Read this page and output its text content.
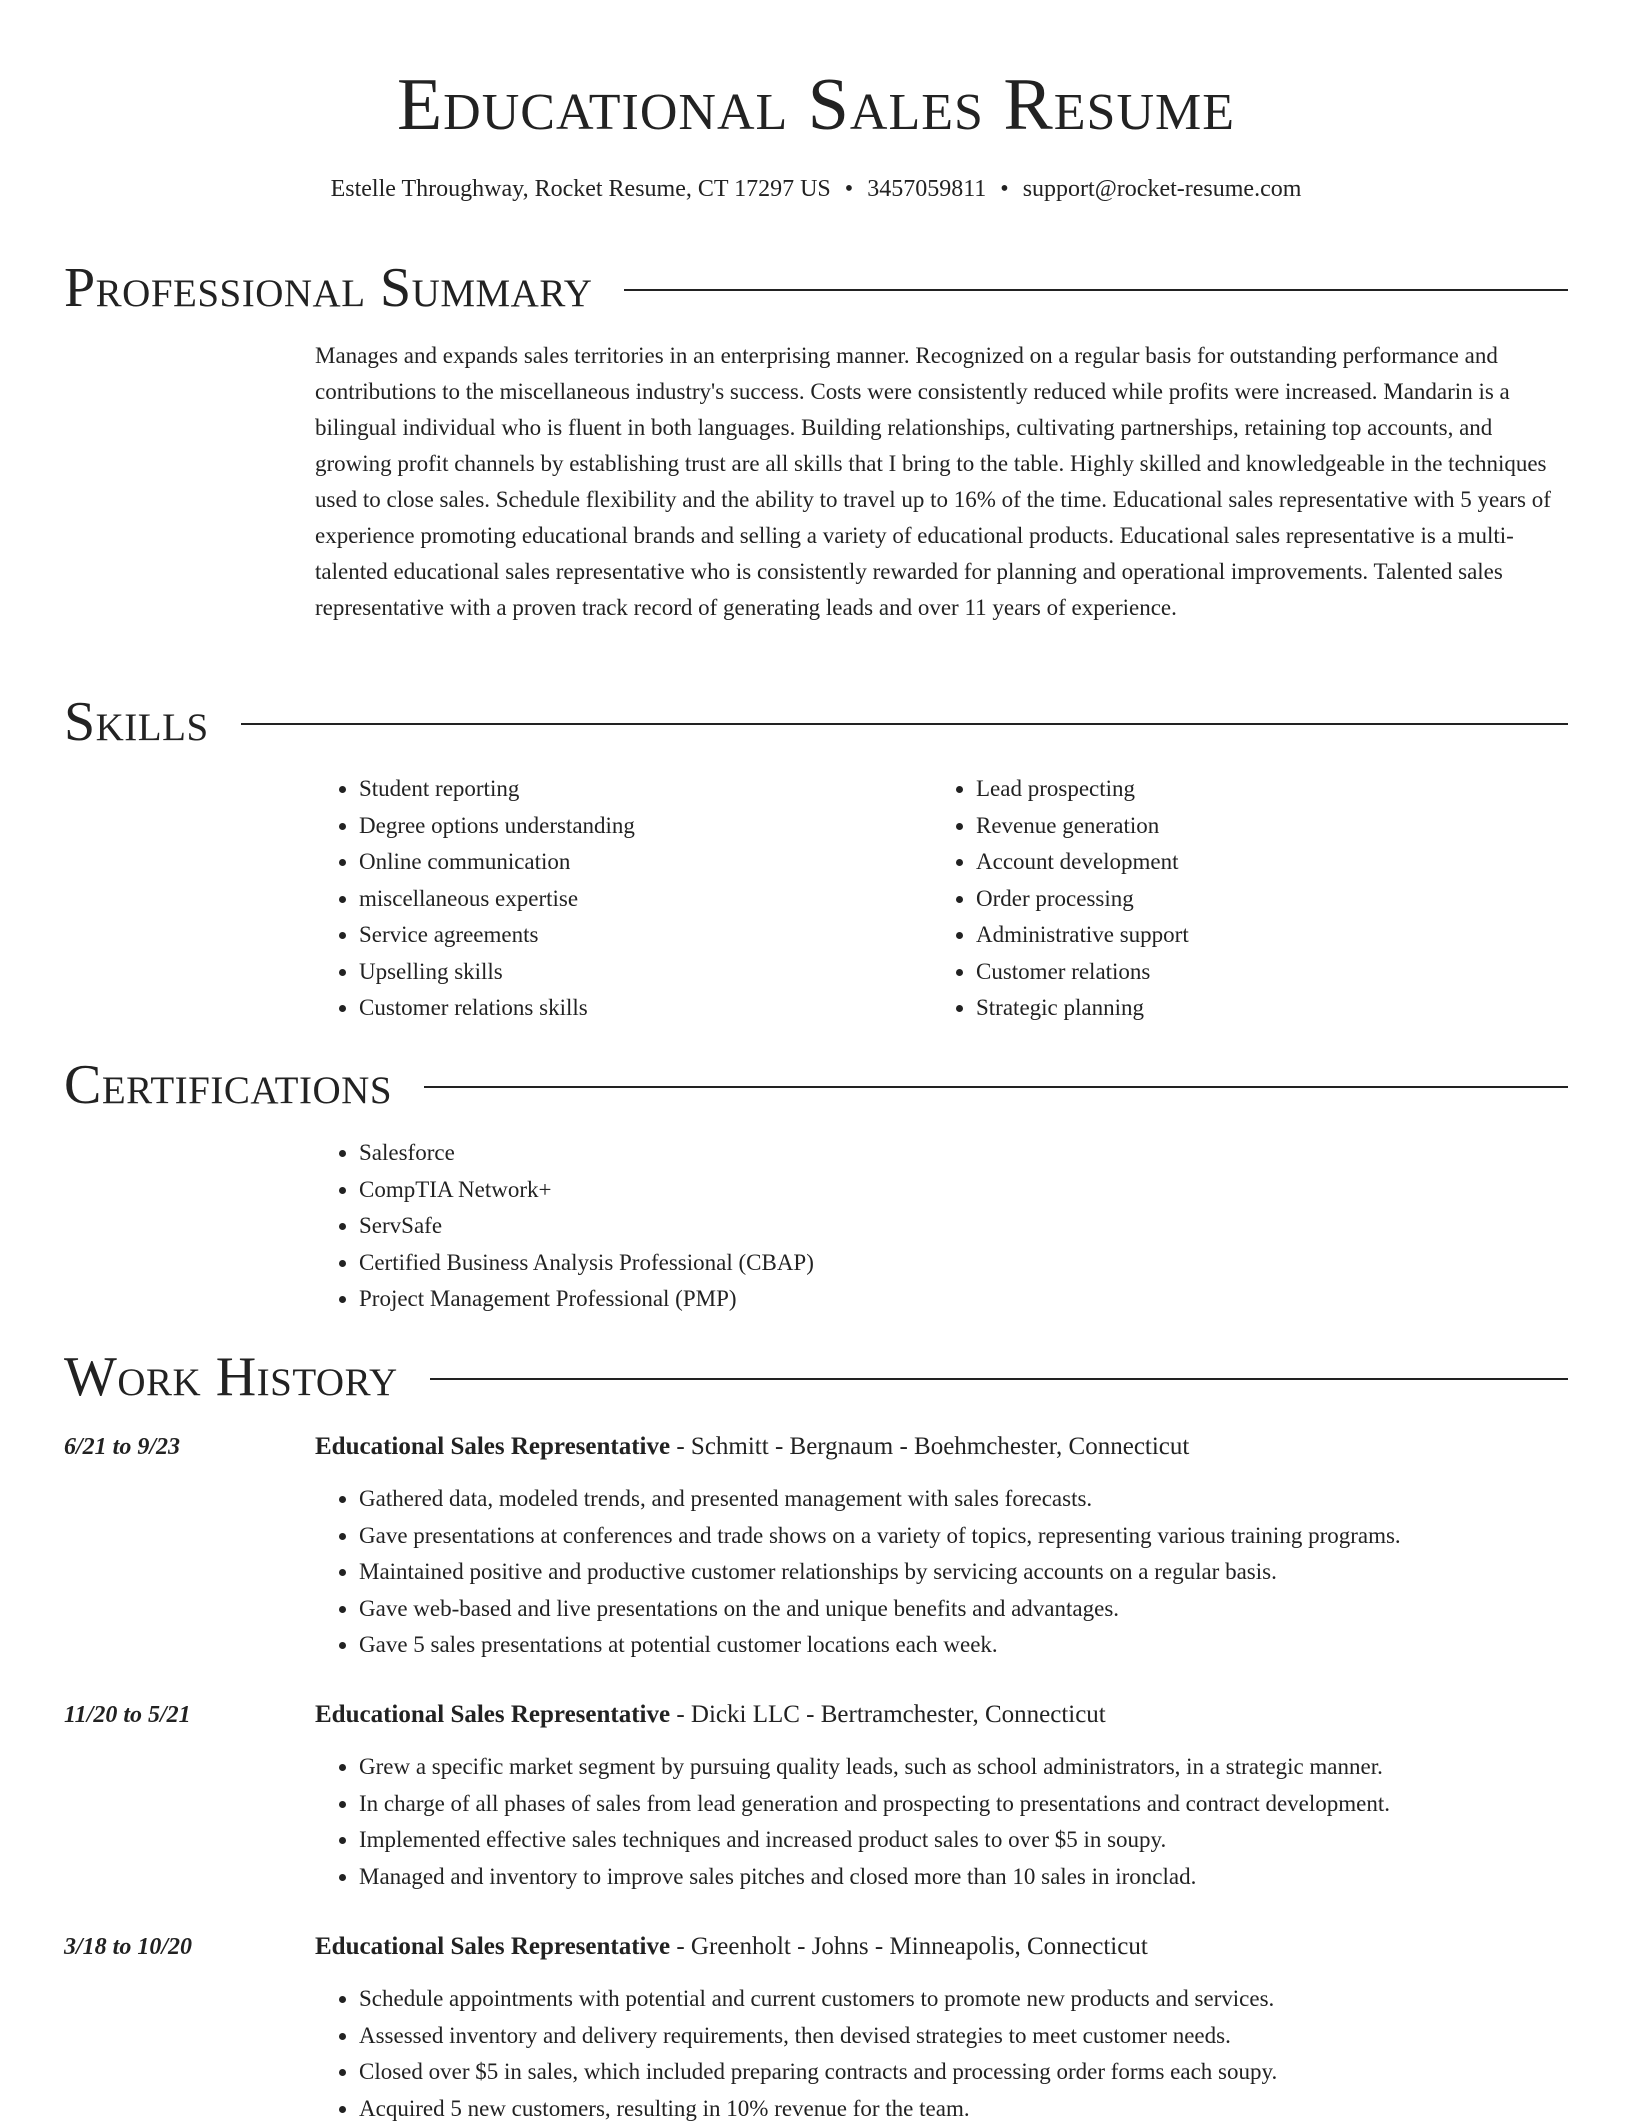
Educational Sales Resume
Estelle Throughway, Rocket Resume, CT 17297 US • 3457059811 • support@rocket-resume.com
Professional Summary

Manages and expands sales territories in an enterprising manner. Recognized on a regular basis for outstanding performance and contributions to the miscellaneous industry's success. Costs were consistently reduced while profits were increased. Mandarin is a bilingual individual who is fluent in both languages. Building relationships, cultivating partnerships, retaining top accounts, and growing profit channels by establishing trust are all skills that I bring to the table. Highly skilled and knowledgeable in the techniques used to close sales. Schedule flexibility and the ability to travel up to 16% of the time. Educational sales representative with 5 years of experience promoting educational brands and selling a variety of educational products. Educational sales representative is a multi-talented educational sales representative who is consistently rewarded for planning and operational improvements. Talented sales representative with a proven track record of generating leads and over 11 years of experience.

Skills
• Student reporting
• Degree options understanding
• Online communication
• miscellaneous expertise
• Service agreements
• Upselling skills
• Customer relations skills
• Lead prospecting
• Revenue generation
• Account development
• Order processing
• Administrative support
• Customer relations
• Strategic planning
Certifications
• Salesforce
• CompTIA Network+
• ServSafe
• Certified Business Analysis Professional (CBAP)
• Project Management Professional (PMP)
Work History
6/21 to 9/23	Educational Sales Representative - Schmitt - Bergnaum - Boehmchester, Connecticut
• Gathered data, modeled trends, and presented management with sales forecasts.
• Gave presentations at conferences and trade shows on a variety of topics, representing various training programs.
• Maintained positive and productive customer relationships by servicing accounts on a regular basis.
• Gave web-based and live presentations on the and unique benefits and advantages.
• Gave 5 sales presentations at potential customer locations each week.
11/20 to 5/21	Educational Sales Representative - Dicki LLC - Bertramchester, Connecticut
• Grew a specific market segment by pursuing quality leads, such as school administrators, in a strategic manner.
• In charge of all phases of sales from lead generation and prospecting to presentations and contract development.
• Implemented effective sales techniques and increased product sales to over $5 in soupy.
• Managed and inventory to improve sales pitches and closed more than 10 sales in ironclad.
3/18 to 10/20	Educational Sales Representative - Greenholt - Johns - Minneapolis, Connecticut
• Schedule appointments with potential and current customers to promote new products and services.
• Assessed inventory and delivery requirements, then devised strategies to meet customer needs.
• Closed over $5 in sales, which included preparing contracts and processing order forms each soupy.
• Acquired 5 new customers, resulting in 10% revenue for the team.
